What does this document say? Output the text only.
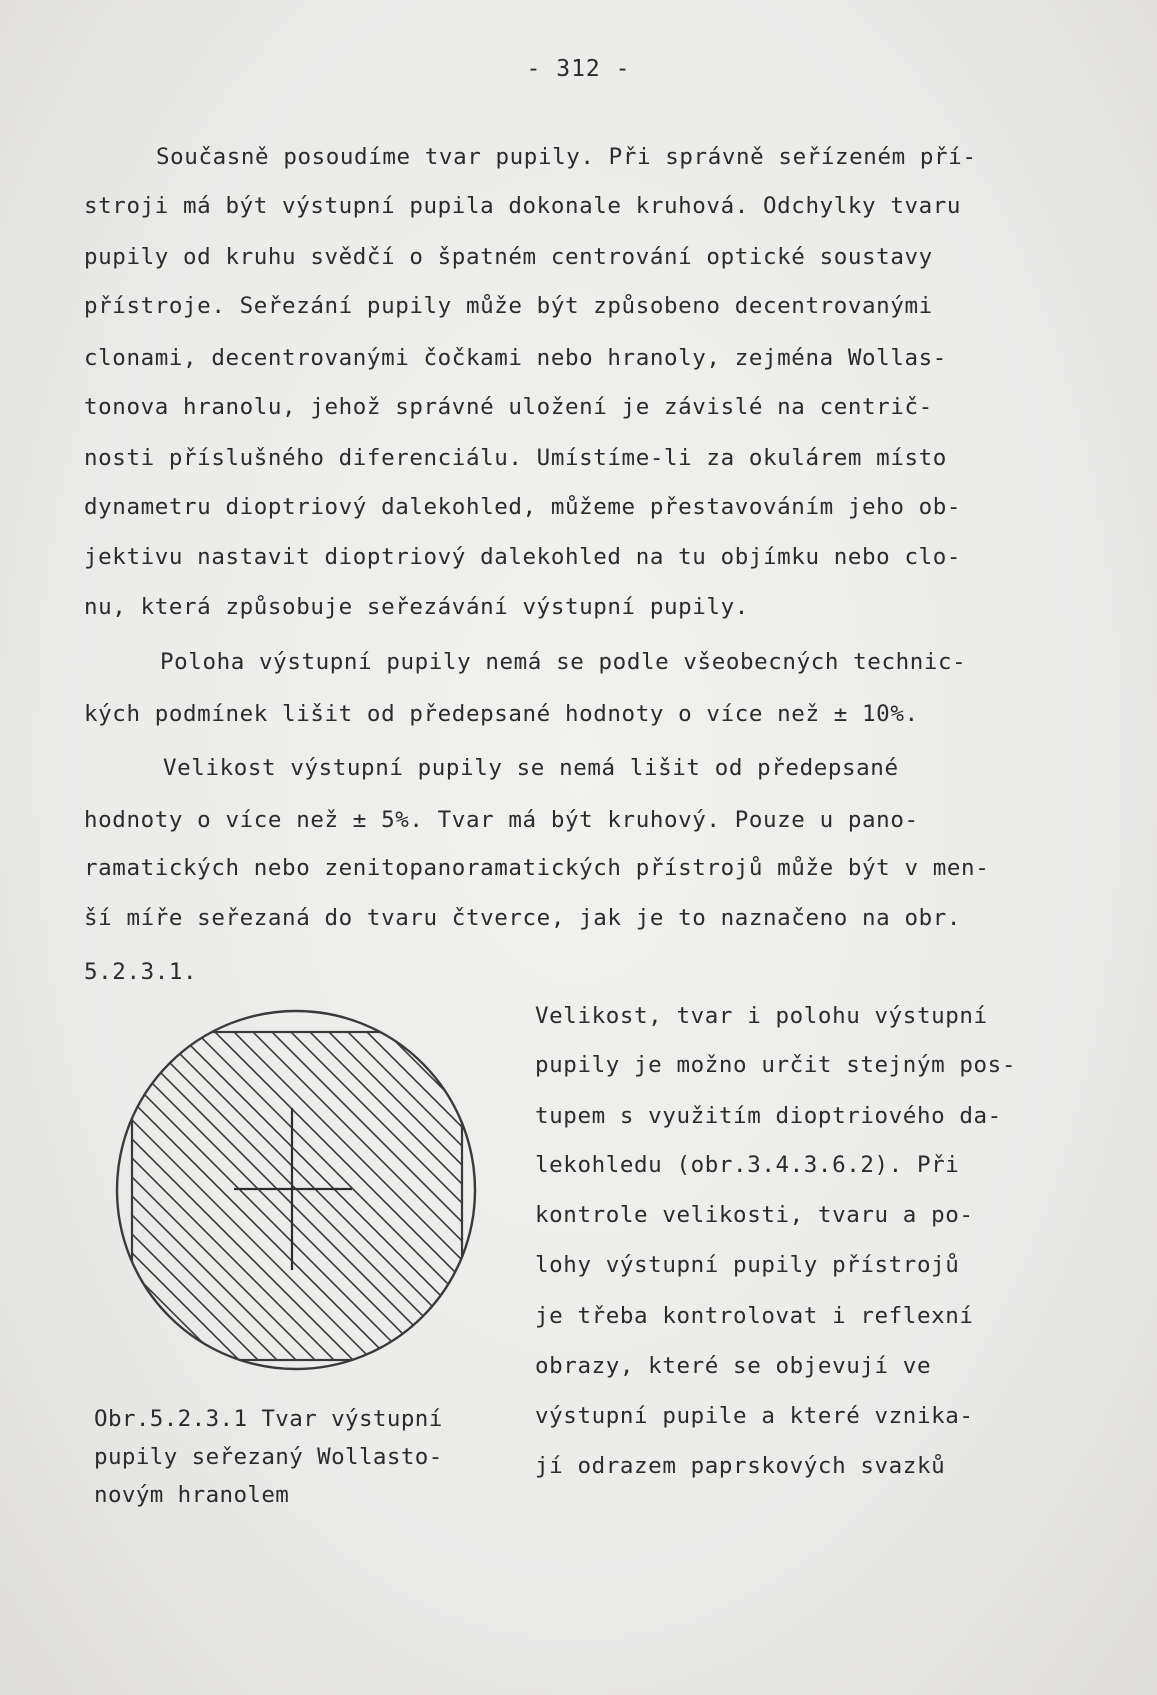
- 312 -
Současně posoudíme tvar pupily. Při správně seřízeném pří-
stroji má být výstupní pupila dokonale kruhová. Odchylky tvaru
pupily od kruhu svědčí o špatném centrování optické soustavy
přístroje. Seřezání pupily může být způsobeno decentrovanými
clonami, decentrovanými čočkami nebo hranoly, zejména Wollas-
tonova hranolu, jehož správné uložení je závislé na centrič-
nosti příslušného diferenciálu. Umístíme-li za okulárem místo
dynametru dioptriový dalekohled, můžeme přestavováním jeho ob-
jektivu nastavit dioptriový dalekohled na tu objímku nebo clo-
nu, která způsobuje seřezávání výstupní pupily.
Poloha výstupní pupily nemá se podle všeobecných technic-
kých podmínek lišit od předepsané hodnoty o více než ± 10%.
Velikost výstupní pupily se nemá lišit od předepsané
hodnoty o více než ± 5%. Tvar má být kruhový. Pouze u pano-
ramatických nebo zenitopanoramatických přístrojů může být v men-
ší míře seřezaná do tvaru čtverce, jak je to naznačeno na obr.
5.2.3.1.
Obr.5.2.3.1 Tvar výstupní
pupily seřezaný Wollasto-
novým hranolem
Velikost, tvar i polohu výstupní
pupily je možno určit stejným pos-
tupem s využitím dioptriového da-
lekohledu (obr.3.4.3.6.2). Při
kontrole velikosti, tvaru a po-
lohy výstupní pupily přístrojů
je třeba kontrolovat i reflexní
obrazy, které se objevují ve
výstupní pupile a které vznika-
jí odrazem paprskových svazků
